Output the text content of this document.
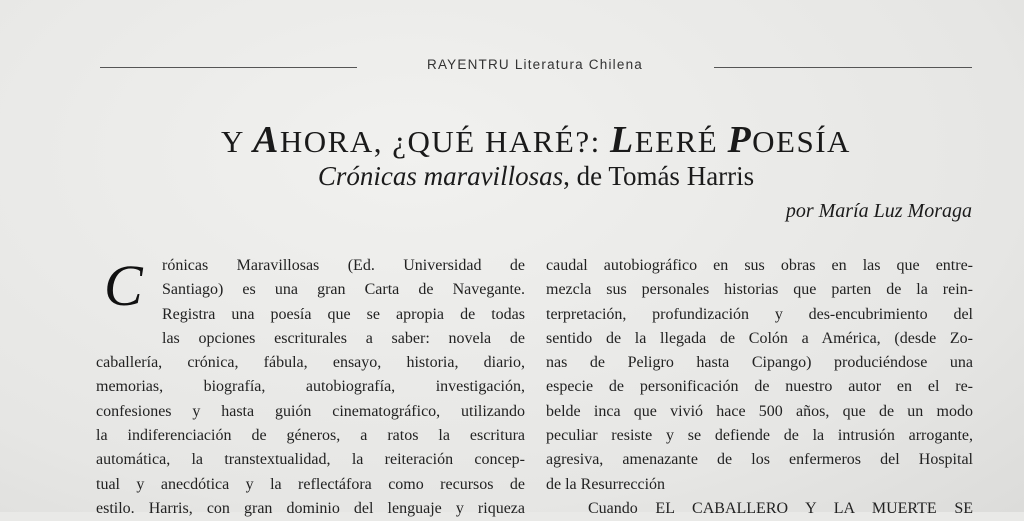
RAYENTRU Literatura Chilena
Y AHORA, ¿QUÉ HARÉ?: LEERÉ POESÍA
Crónicas maravillosas, de Tomás Harris
por María Luz Moraga
C	rónicas Maravillosas (Ed. Universidad de
Santiago) es una gran Carta de Navegante.
Registra una poesía que se apropia de todas
las opciones escriturales a saber: novela de
caballería, crónica, fábula, ensayo, historia, diario,
memorias, biografía, autobiografía, investigación,
confesiones y hasta guión cinematográfico, utilizando
la indiferenciación de géneros, a ratos la escritura
automática, la transtextualidad, la reiteración concep-
tual y anecdótica y la reflectáfora como recursos de
estilo. Harris, con gran dominio del lenguaje y riqueza
caudal autobiográfico en sus obras en las que entre-
mezcla sus personales historias que parten de la rein-
terpretación, profundización y des-encubrimiento del
sentido de la llegada de Colón a América, (desde Zo-
nas de Peligro hasta Cipango) produciéndose una
especie de personificación de nuestro autor en el re-
belde inca que vivió hace 500 años, que de un modo
peculiar resiste y se defiende de la intrusión arrogante,
agresiva, amenazante de los enfermeros del Hospital
de la Resurrección
Cuando EL CABALLERO Y LA MUERTE SE
